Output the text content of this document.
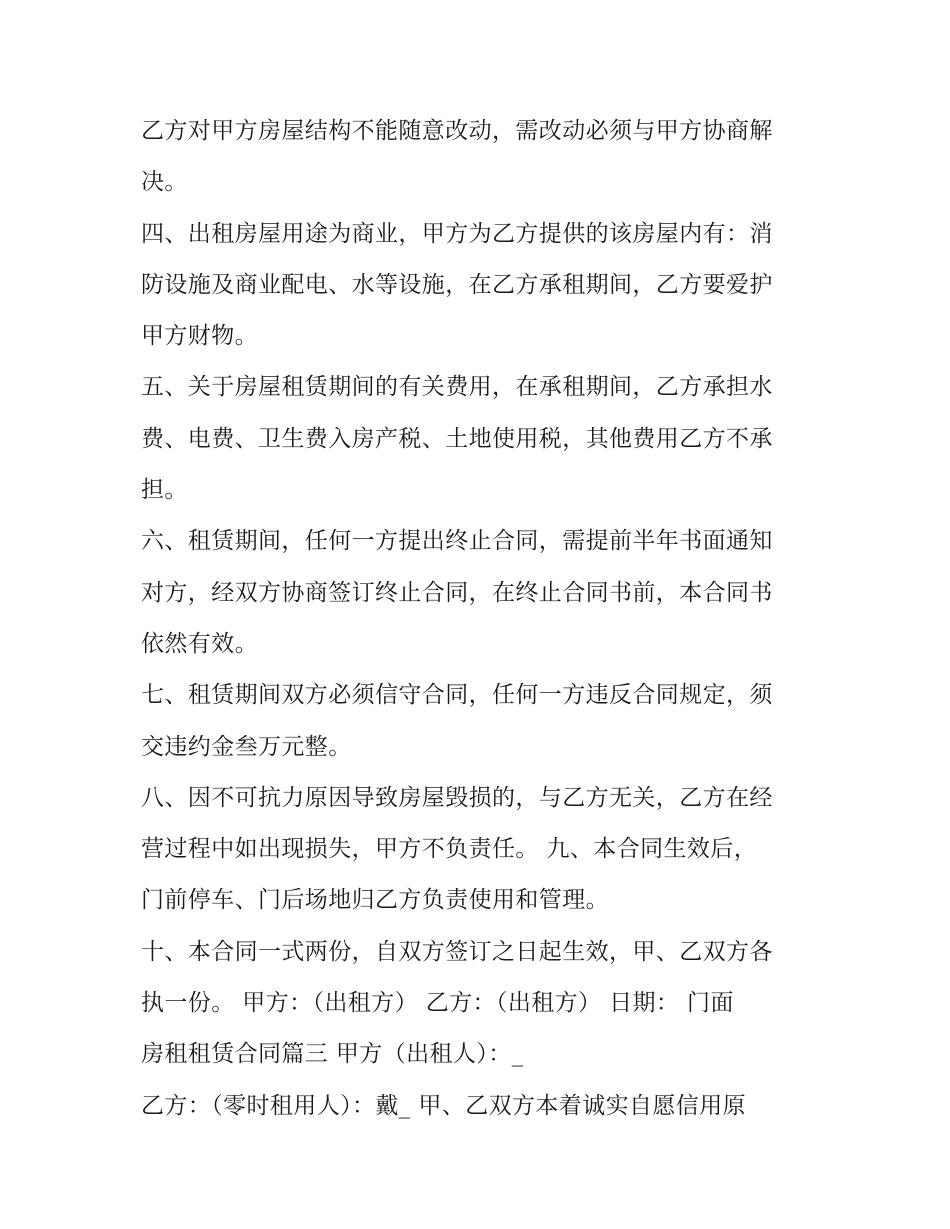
乙方对甲方房屋结构不能随意改动，需改动必须与甲方协商解
决。
四、出租房屋用途为商业，甲方为乙方提供的该房屋内有：消
防设施及商业配电、水等设施，在乙方承租期间，乙方要爱护
甲方财物。
五、关于房屋租赁期间的有关费用，在承租期间，乙方承担水
费、电费、卫生费入房产税、土地使用税，其他费用乙方不承
担。
六、租赁期间，任何一方提出终止合同，需提前半年书面通知
对方，经双方协商签订终止合同，在终止合同书前，本合同书
依然有效。
七、租赁期间双方必须信守合同，任何一方违反合同规定，须
交违约金叁万元整。
八、因不可抗力原因导致房屋毁损的，与乙方无关，乙方在经
营过程中如出现损失，甲方不负责任。 九、本合同生效后，
门前停车、门后场地归乙方负责使用和管理。
十、本合同一式两份，自双方签订之日起生效，甲、乙双方各
执一份。 甲方：（出租方） 乙方：（出租方） 日期： 门面
房租租赁合同篇三 甲方（出租人）：_
乙方：（零时租用人）：戴_ 甲、乙双方本着诚实自愿信用原
